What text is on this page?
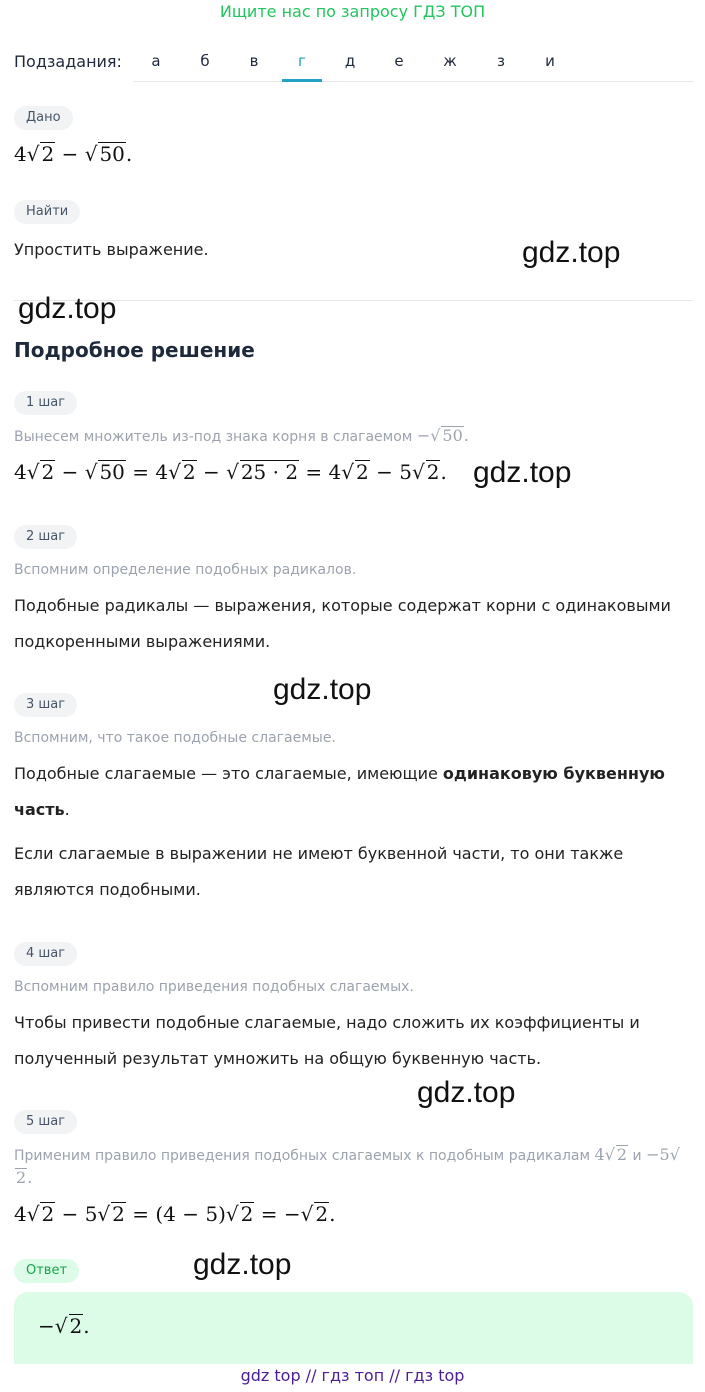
Ищите нас по запросу ГДЗ ТОП
Подзадания:	а	б	в	г	д	е	ж	з	и
Дано
4√ 2 − √ 50.
Найти
Упростить выражение.
Подробное решение
1 шаг
Вынесем множитель из-под знака корня в слагаемом −√ 50.
4√ 2 − √ 50 = 4√ 2 − √ 25 · 2 = 4√ 2 − 5√ 2.
2 шаг
Вспомним определение подобных радикалов.
Подобные радикалы — выражения, которые содержат корни с одинаковыми подкоренными выражениями.
3 шаг
Вспомним, что такое подобные слагаемые.
Подобные слагаемые — это слагаемые, имеющие одинаковую буквенную часть.
Если слагаемые в выражении не имеют буквенной части, то они также являются подобными.
4 шаг
Вспомним правило приведения подобных слагаемых.
Чтобы привести подобные слагаемые, надо сложить их коэффициенты и полученный результат умножить на общую буквенную часть.
5 шаг
Применим правило приведения подобных слагаемых к подобным радикалам 4√ 2 и −5√2.
4√ 2 − 5√ 2 = (4 − 5)√ 2 = −√ 2.
Ответ
−√ 2.
gdz.top
gdz.top
gdz.top
gdz.top
gdz.top
gdz.top
gdz top // гдз топ // гдз top
